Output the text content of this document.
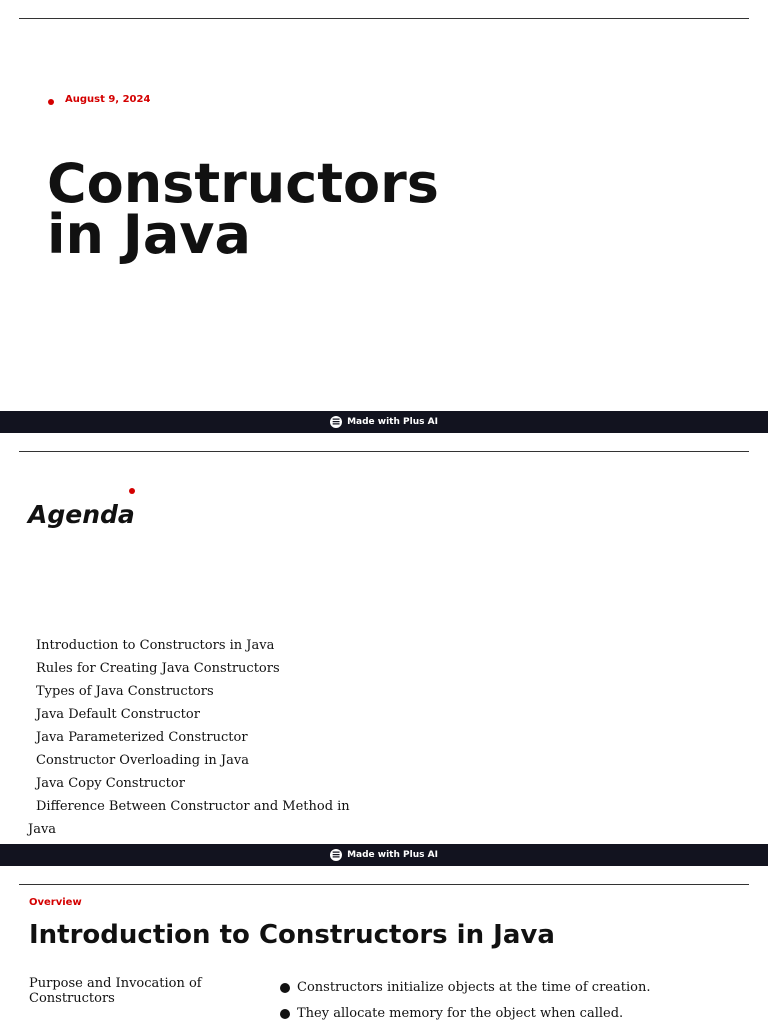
August 9, 2024
Constructors
in Java
≡ Made with Plus AI
Agenda
Introduction to Constructors in Java
Rules for Creating Java Constructors
Types of Java Constructors
Java Default Constructor
Java Parameterized Constructor
Constructor Overloading in Java
Java Copy Constructor
Difference Between Constructor and Method in
Java
≡ Made with Plus AI
Overview
Introduction to Constructors in Java
Purpose and Invocation of Constructors
Constructors initialize objects at the time of creation.
They allocate memory for the object when called.
